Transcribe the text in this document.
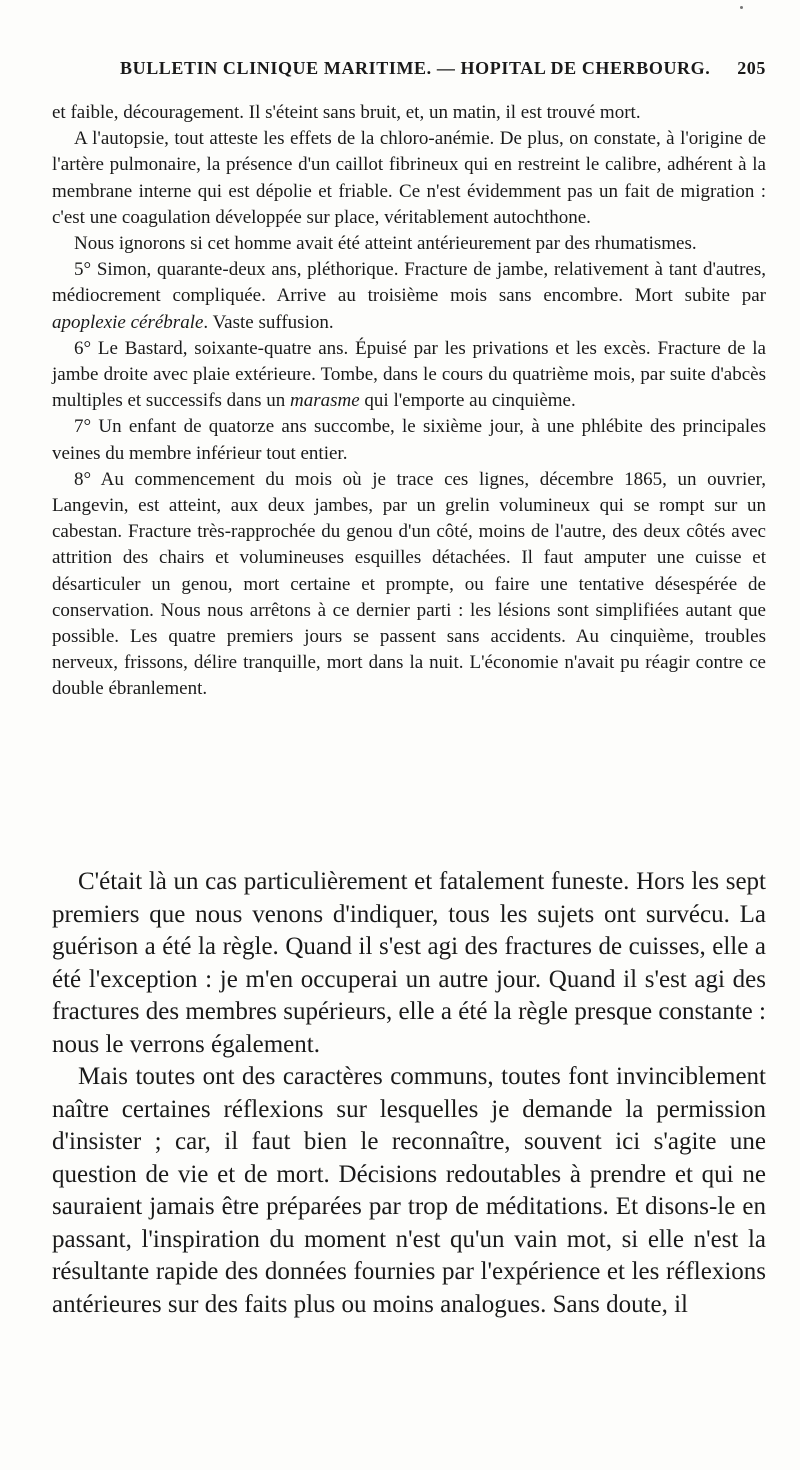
BULLETIN CLINIQUE MARITIME. — HOPITAL DE CHERBOURG. 205

et faible, découragement. Il s'éteint sans bruit, et, un matin, il est trouvé mort.

A l'autopsie, tout atteste les effets de la chloro-anémie. De plus, on constate, à l'origine de l'artère pulmonaire, la présence d'un caillot fibrineux qui en restreint le calibre, adhérent à la membrane interne qui est dépolie et friable. Ce n'est évidemment pas un fait de migration : c'est une coagulation développée sur place, véritablement autochthone.

Nous ignorons si cet homme avait été atteint antérieurement par des rhumatismes.

5° Simon, quarante-deux ans, pléthorique. Fracture de jambe, relativement à tant d'autres, médiocrement compliquée. Arrive au troisième mois sans encombre. Mort subite par apoplexie cérébrale. Vaste suffusion.

6° Le Bastard, soixante-quatre ans. Épuisé par les privations et les excès. Fracture de la jambe droite avec plaie extérieure. Tombe, dans le cours du quatrième mois, par suite d'abcès multiples et successifs dans un marasme qui l'emporte au cinquième.

7° Un enfant de quatorze ans succombe, le sixième jour, à une phlébite des principales veines du membre inférieur tout entier.

8° Au commencement du mois où je trace ces lignes, décembre 1865, un ouvrier, Langevin, est atteint, aux deux jambes, par un grelin volumineux qui se rompt sur un cabestan. Fracture très-rapprochée du genou d'un côté, moins de l'autre, des deux côtés avec attrition des chairs et volumineuses esquilles détachées. Il faut amputer une cuisse et désarticuler un genou, mort certaine et prompte, ou faire une tentative désespérée de conservation. Nous nous arrêtons à ce dernier parti : les lésions sont simplifiées autant que possible. Les quatre premiers jours se passent sans accidents. Au cinquième, troubles nerveux, frissons, délire tranquille, mort dans la nuit. L'économie n'avait pu réagir contre ce double ébranlement.

C'était là un cas particulièrement et fatalement funeste. Hors les sept premiers que nous venons d'indiquer, tous les sujets ont survécu. La guérison a été la règle. Quand il s'est agi des fractures de cuisses, elle a été l'exception : je m'en occuperai un autre jour. Quand il s'est agi des fractures des membres supérieurs, elle a été la règle presque constante : nous le verrons également.

Mais toutes ont des caractères communs, toutes font invinciblement naître certaines réflexions sur lesquelles je demande la permission d'insister ; car, il faut bien le reconnaître, souvent ici s'agite une question de vie et de mort. Décisions redoutables à prendre et qui ne sauraient jamais être préparées par trop de méditations. Et disons-le en passant, l'inspiration du moment n'est qu'un vain mot, si elle n'est la résultante rapide des données fournies par l'expérience et les réflexions antérieures sur des faits plus ou moins analogues. Sans doute, il
